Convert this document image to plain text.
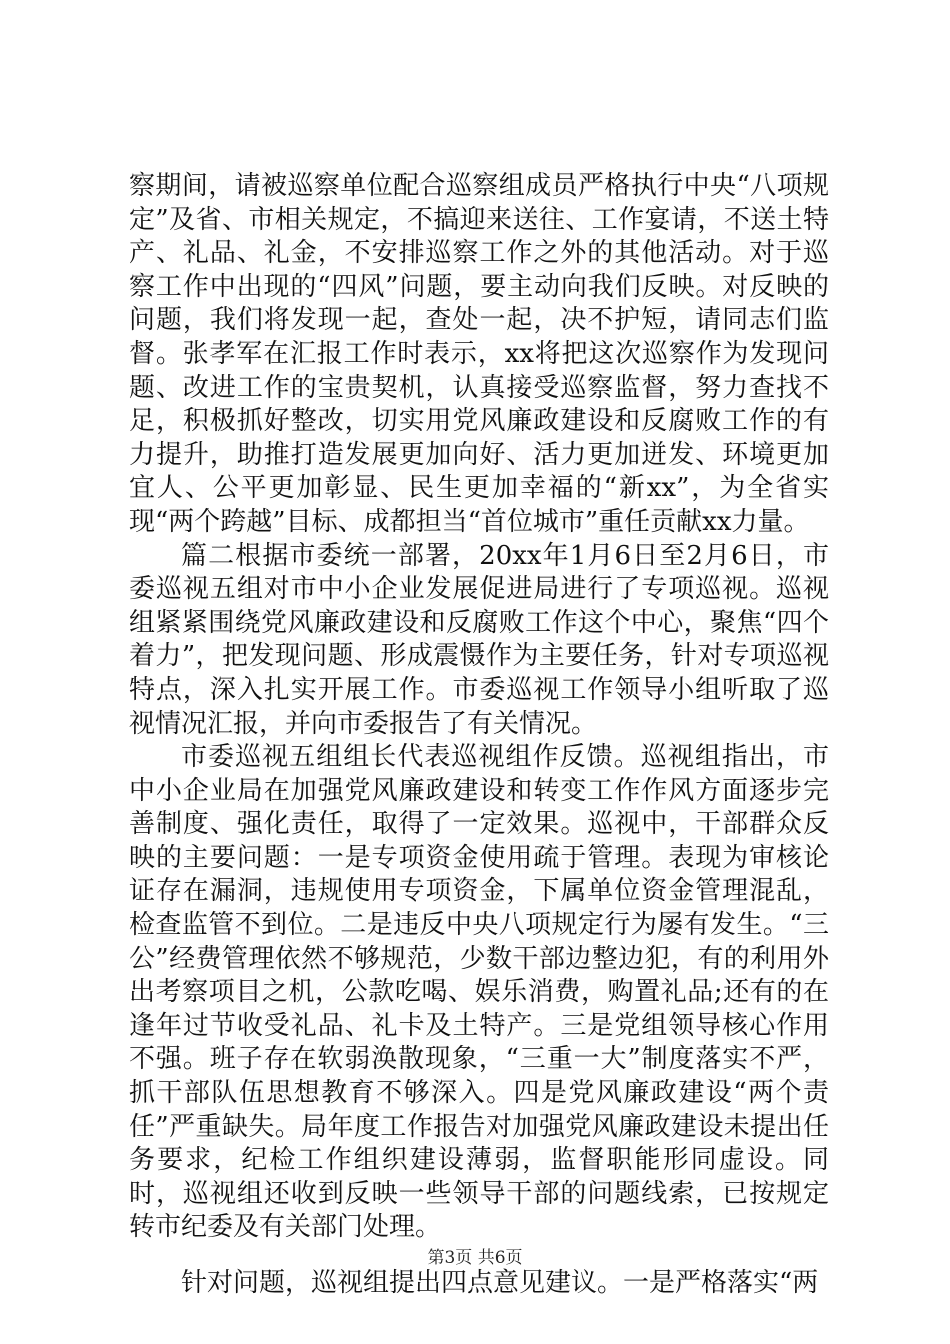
察期间，请被巡察单位配合巡察组成员严格执行中央“八项规定”及省、市相关规定，不搞迎来送往、工作宴请，不送土特产、礼品、礼金，不安排巡察工作之外的其他活动。对于巡察工作中出现的“四风”问题，要主动向我们反映。对反映的问题，我们将发现一起，查处一起，决不护短，请同志们监督。张孝军在汇报工作时表示，xx将把这次巡察作为发现问题、改进工作的宝贵契机，认真接受巡察监督，努力查找不足，积极抓好整改，切实用党风廉政建设和反腐败工作的有力提升，助推打造发展更加向好、活力更加迸发、环境更加宜人、公平更加彰显、民生更加幸福的“新xx”，为全省实现“两个跨越”目标、成都担当“首位城市”重任贡献xx力量。

篇二根据市委统一部署，20xx年1月6日至2月6日，市委巡视五组对市中小企业发展促进局进行了专项巡视。巡视组紧紧围绕党风廉政建设和反腐败工作这个中心，聚焦“四个着力”，把发现问题、形成震慑作为主要任务，针对专项巡视特点，深入扎实开展工作。市委巡视工作领导小组听取了巡视情况汇报，并向市委报告了有关情况。

市委巡视五组组长代表巡视组作反馈。巡视组指出，市中小企业局在加强党风廉政建设和转变工作作风方面逐步完善制度、强化责任，取得了一定效果。巡视中，干部群众反映的主要问题：一是专项资金使用疏于管理。表现为审核论证存在漏洞，违规使用专项资金，下属单位资金管理混乱，检查监管不到位。二是违反中央八项规定行为屡有发生。“三公”经费管理依然不够规范，少数干部边整边犯，有的利用外出考察项目之机，公款吃喝、娱乐消费，购置礼品;还有的在逢年过节收受礼品、礼卡及土特产。三是党组领导核心作用不强。班子存在软弱涣散现象，“三重一大”制度落实不严，抓干部队伍思想教育不够深入。四是党风廉政建设“两个责任”严重缺失。局年度工作报告对加强党风廉政建设未提出任务要求，纪检工作组织建设薄弱，监督职能形同虚设。同时，巡视组还收到反映一些领导干部的问题线索，已按规定转市纪委及有关部门处理。

针对问题，巡视组提出四点意见建议。一是严格落实“两

第3页 共6页
